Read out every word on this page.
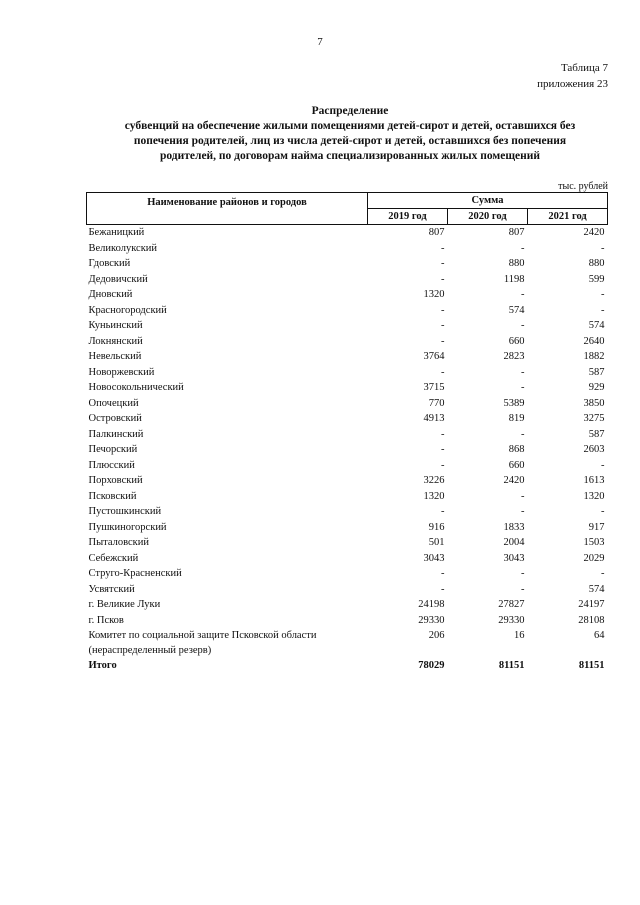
7
Таблица 7
приложения 23
Распределение
субвенций на обеспечение жилыми помещениями детей-сирот и детей, оставшихся без
попечения родителей, лиц из числа детей-сирот и детей, оставшихся без попечения
родителей, по договорам найма специализированных жилых помещений
тыс. рублей
Наименование районов и городов	Сумма		
	2019 год	2020 год	2021 год
Бежаницкий	807	807	2420
Великолукский	-	-	-
Гдовский	-	880	880
Дедовичский	-	1198	599
Дновский	1320	-	-
Красногородский	-	574	-
Куньинский	-	-	574
Локнянский	-	660	2640
Невельский	3764	2823	1882
Новоржевский	-	-	587
Новосокольнический	3715	-	929
Опочецкий	770	5389	3850
Островский	4913	819	3275
Палкинский	-	-	587
Печорский	-	868	2603
Плюсский	-	660	-
Порховский	3226	2420	1613
Псковский	1320	-	1320
Пустошкинский	-	-	-
Пушкиногорский	916	1833	917
Пыталовский	501	2004	1503
Себежский	3043	3043	2029
Струго-Красненский	-	-	-
Усвятский	-	-	574
г. Великие Луки	24198	27827	24197
г. Псков	29330	29330	28108
Комитет по социальной защите Псковской области (нераспределенный резерв)	206	16	64
Итого	78029	81151	81151
